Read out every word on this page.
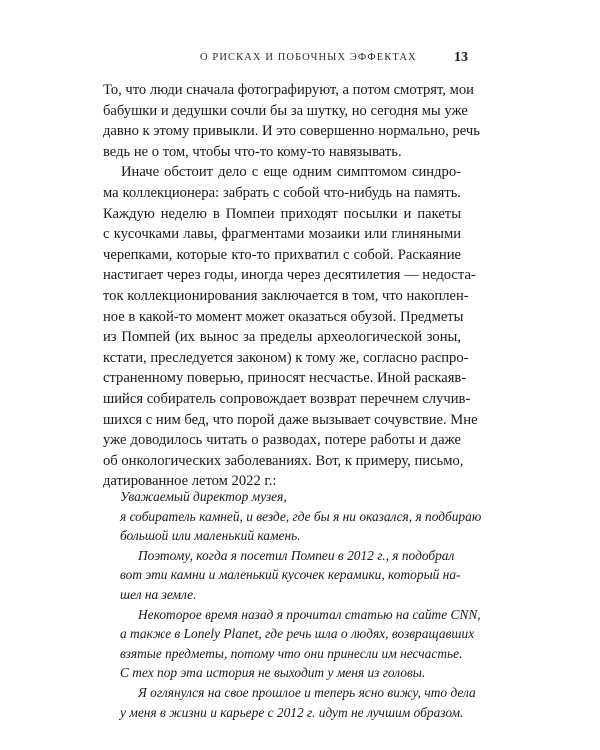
О РИСКАХ И ПОБОЧНЫХ ЭФФЕКТАХ	13
То, что люди сначала фотографируют, а потом смотрят, мои
бабушки и дедушки сочли бы за шутку, но сегодня мы уже
давно к этому привыкли. И это совершенно нормально, речь
ведь не о том, чтобы что-то кому-то навязывать.
Иначе обстоит дело с еще одним симптомом синдро-
ма коллекционера: забрать с собой что-нибудь на память.
Каждую неделю в Помпеи приходят посылки и пакеты
с кусочками лавы, фрагментами мозаики или глиняными
черепками, которые кто-то прихватил с собой. Раскаяние
настигает через годы, иногда через десятилетия — недоста-
ток коллекционирования заключается в том, что накоплен-
ное в какой-то момент может оказаться обузой. Предметы
из Помпей (их вынос за пределы археологической зоны,
кстати, преследуется законом) к тому же, согласно распро-
страненному поверью, приносят несчастье. Иной раскаяв-
шийся собиратель сопровождает возврат перечнем случив-
шихся с ним бед, что порой даже вызывает сочувствие. Мне
уже доводилось читать о разводах, потере работы и даже
об онкологических заболеваниях. Вот, к примеру, письмо,
датированное летом 2022 г.:
Уважаемый директор музея,
я собиратель камней, и везде, где бы я ни оказался, я подбираю
большой или маленький камень.
Поэтому, когда я посетил Помпеи в 2012 г., я подобрал
вот эти камни и маленький кусочек керамики, который на-
шел на земле.
Некоторое время назад я прочитал статью на сайте CNN,
а также в Lonely Planet, где речь шла о людях, возвращавших
взятые предметы, потому что они принесли им несчастье.
С тех пор эта история не выходит у меня из головы.
Я оглянулся на свое прошлое и теперь ясно вижу, что дела
у меня в жизни и карьере с 2012 г. идут не лучшим образом.
